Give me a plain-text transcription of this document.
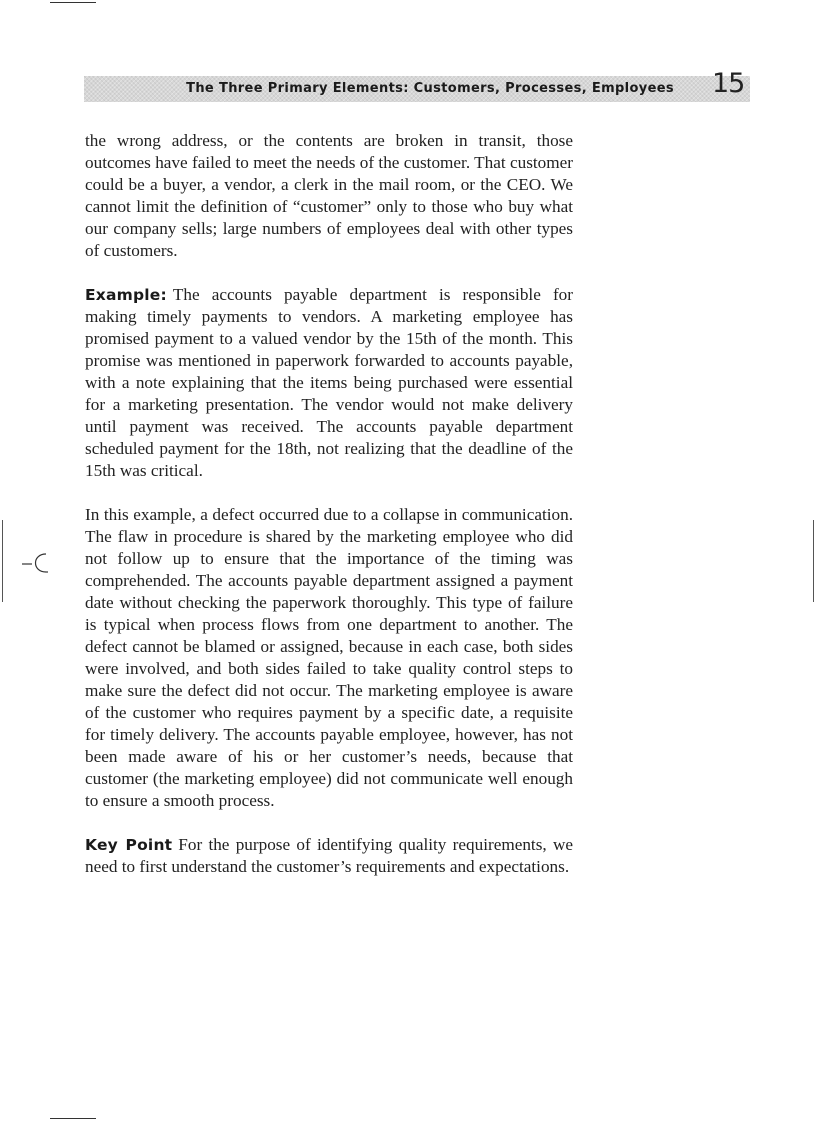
The Three Primary Elements: Customers, Processes, Employees 15

the wrong address, or the contents are broken in transit, those outcomes have failed to meet the needs of the customer. That customer could be a buyer, a vendor, a clerk in the mail room, or the CEO. We cannot limit the definition of “customer” only to those who buy what our company sells; large numbers of employees deal with other types of customers.

Example: The accounts payable department is responsible for making timely payments to vendors. A marketing employee has promised payment to a valued vendor by the 15th of the month. This promise was mentioned in paperwork forwarded to accounts payable, with a note explaining that the items being purchased were essential for a marketing presentation. The vendor would not make delivery until payment was received. The accounts payable department scheduled payment for the 18th, not realizing that the deadline of the 15th was critical.

In this example, a defect occurred due to a collapse in communication. The flaw in procedure is shared by the marketing employee who did not follow up to ensure that the importance of the timing was comprehended. The accounts payable department assigned a payment date without checking the paperwork thoroughly. This type of failure is typical when process flows from one department to another. The defect cannot be blamed or assigned, because in each case, both sides were involved, and both sides failed to take quality control steps to make sure the defect did not occur. The marketing employee is aware of the customer who requires payment by a specific date, a requisite for timely delivery. The accounts payable employee, however, has not been made aware of his or her customer’s needs, because that customer (the marketing employee) did not communicate well enough to ensure a smooth process.

Key Point For the purpose of identifying quality requirements, we need to first understand the customer’s requirements and expectations.
